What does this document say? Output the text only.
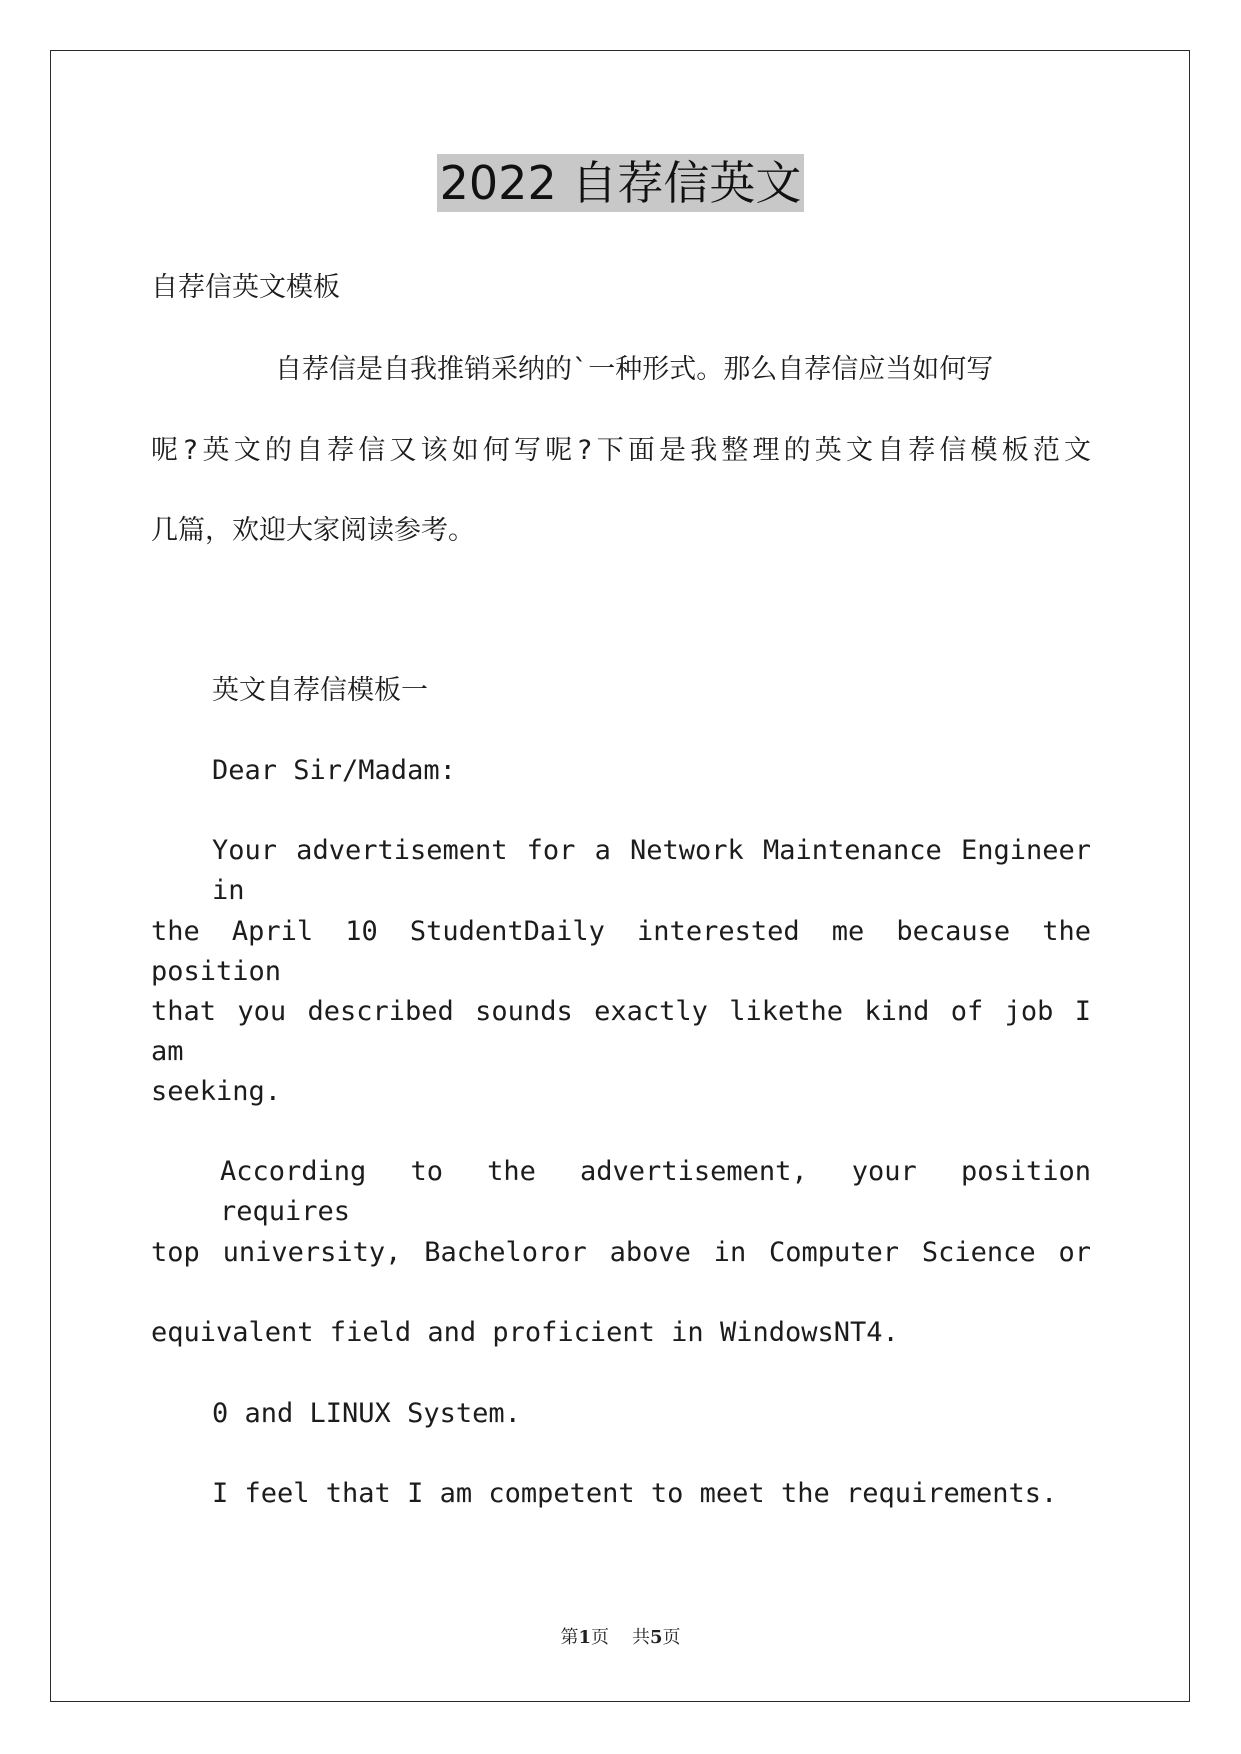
2022 自荐信英文
自荐信英文模板
自荐信是自我推销采纳的`一种形式。那么自荐信应当如何写
呢?英文的自荐信又该如何写呢?下面是我整理的英文自荐信模板范文
几篇，欢迎大家阅读参考。
英文自荐信模板一
Dear Sir/Madam:
Your advertisement for a Network Maintenance Engineer in
the April 10 StudentDaily interested me because the position
that you described sounds exactly likethe kind of job I am
seeking.
According to the advertisement, your position requires
top university, Bacheloror above in Computer Science or
equivalent field and proficient in WindowsNT4.
0 and LINUX System.
I feel that I am competent to meet the requirements.
第1页 共5页
